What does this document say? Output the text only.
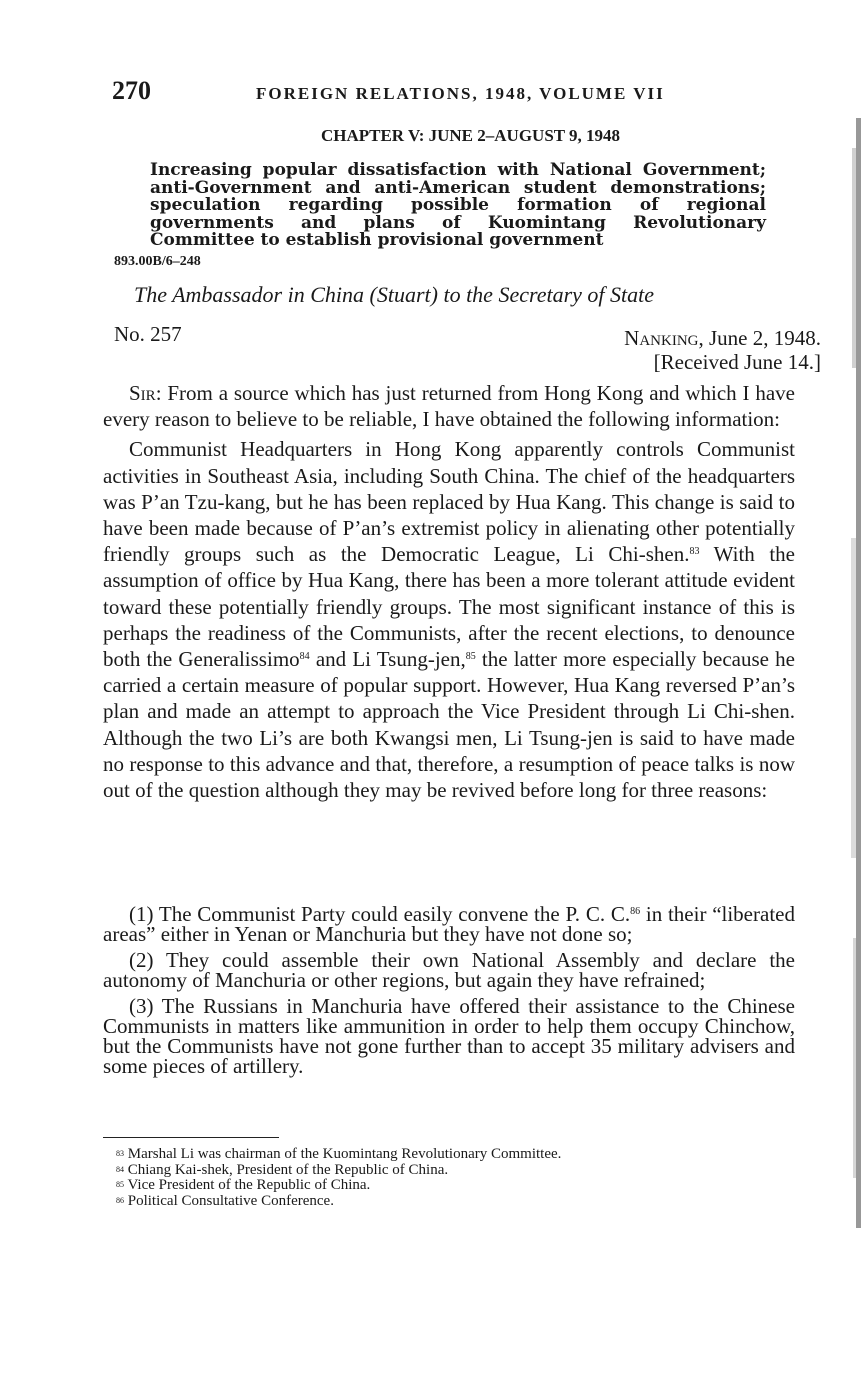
270	FOREIGN RELATIONS, 1948, VOLUME VII
CHAPTER V: JUNE 2–AUGUST 9, 1948
Increasing popular dissatisfaction with National Government; anti-Government and anti-American student demonstrations; speculation regarding possible formation of regional governments and plans of Kuomintang Revolutionary Committee to establish provisional government
893.00B/6–248
The Ambassador in China (Stuart) to the Secretary of State
No. 257	Nanking, June 2, 1948.
[Received June 14.]

Sir: From a source which has just returned from Hong Kong and which I have every reason to believe to be reliable, I have obtained the following information:

Communist Headquarters in Hong Kong apparently controls Communist activities in Southeast Asia, including South China. The chief of the headquarters was P’an Tzu-kang, but he has been replaced by Hua Kang. This change is said to have been made because of P’an’s extremist policy in alienating other potentially friendly groups such as the Democratic League, Li Chi-shen.$^{83}$ With the assumption of office by Hua Kang, there has been a more tolerant attitude evident toward these potentially friendly groups. The most significant instance of this is perhaps the readiness of the Communists, after the recent elections, to denounce both the Generalissimo$^{84}$ and Li Tsung-jen,$^{85}$ the latter more especially because he carried a certain measure of popular support. However, Hua Kang reversed P’an’s plan and made an attempt to approach the Vice President through Li Chi-shen. Although the two Li’s are both Kwangsi men, Li Tsung-jen is said to have made no response to this advance and that, therefore, a resumption of peace talks is now out of the question although they may be revived before long for three reasons:

(1) The Communist Party could easily convene the P. C. C.$^{86}$ in their “liberated areas” either in Yenan or Manchuria but they have not done so;

(2) They could assemble their own National Assembly and declare the autonomy of Manchuria or other regions, but again they have refrained;

(3) The Russians in Manchuria have offered their assistance to the Chinese Communists in matters like ammunition in order to help them occupy Chinchow, but the Communists have not gone further than to accept 35 military advisers and some pieces of artillery.

$^{83}$ Marshal Li was chairman of the Kuomintang Revolutionary Committee.
$^{84}$ Chiang Kai-shek, President of the Republic of China.
$^{85}$ Vice President of the Republic of China.
$^{86}$ Political Consultative Conference.
